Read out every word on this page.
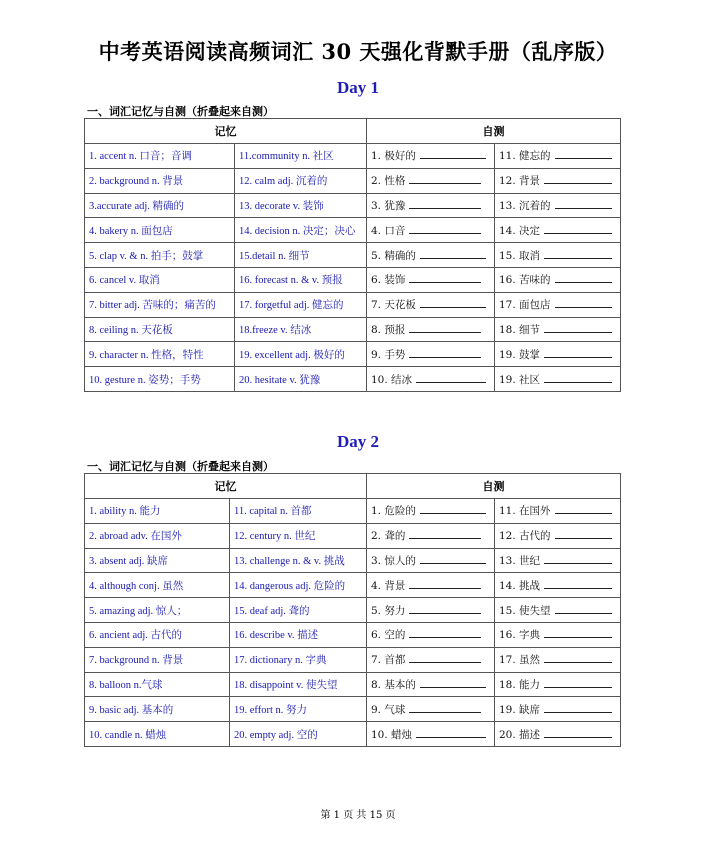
中考英语阅读高频词汇 30 天强化背默手册（乱序版）
Day 1
一、词汇记忆与自测（折叠起来自测）
记忆		自测	
1. accent n. 口音；音调	11.community n. 社区	1. 极好的	11. 健忘的
2. background n. 背景	12. calm adj. 沉着的	2. 性格	12. 背景
3.accurate adj. 精确的	13. decorate v. 装饰	3. 犹豫	13. 沉着的
4. bakery n. 面包店	14. decision n. 决定；决心	4. 口音	14. 决定
5. clap v. & n. 拍手；鼓掌	15.detail n. 细节	5. 精确的	15. 取消
6. cancel v. 取消	16. forecast n. & v. 预报	6. 装饰	16. 苦味的
7. bitter adj. 苦味的；痛苦的	17. forgetful adj. 健忘的	7. 天花板	17. 面包店
8. ceiling n. 天花板	18.freeze v. 结冰	8. 预报	18. 细节
9. character n. 性格，特性	19. excellent adj. 极好的	9. 手势	19. 鼓掌
10. gesture n. 姿势；手势	20. hesitate v. 犹豫	10. 结冰	19. 社区
Day 2
一、词汇记忆与自测（折叠起来自测）
记忆		自测	
1. ability n. 能力	11. capital n. 首都	1. 危险的	11. 在国外
2. abroad adv. 在国外	12. century n. 世纪	2. 聋的	12. 古代的
3. absent adj. 缺席	13. challenge n. & v. 挑战	3. 惊人的	13. 世纪
4. although conj. 虽然	14. dangerous adj. 危险的	4. 背景	14. 挑战
5. amazing adj. 惊人；	15. deaf adj. 聋的	5. 努力	15. 使失望
6. ancient adj. 古代的	16. describe v. 描述	6. 空的	16. 字典
7. background n. 背景	17. dictionary n. 字典	7. 首都	17. 虽然
8. balloon n.气球	18. disappoint v. 使失望	8. 基本的	18. 能力
9. basic adj. 基本的	19. effort n. 努力	9. 气球	19. 缺席
10. candle n. 蜡烛	20. empty adj. 空的	10. 蜡烛	20. 描述
第 1 页 共 15 页
